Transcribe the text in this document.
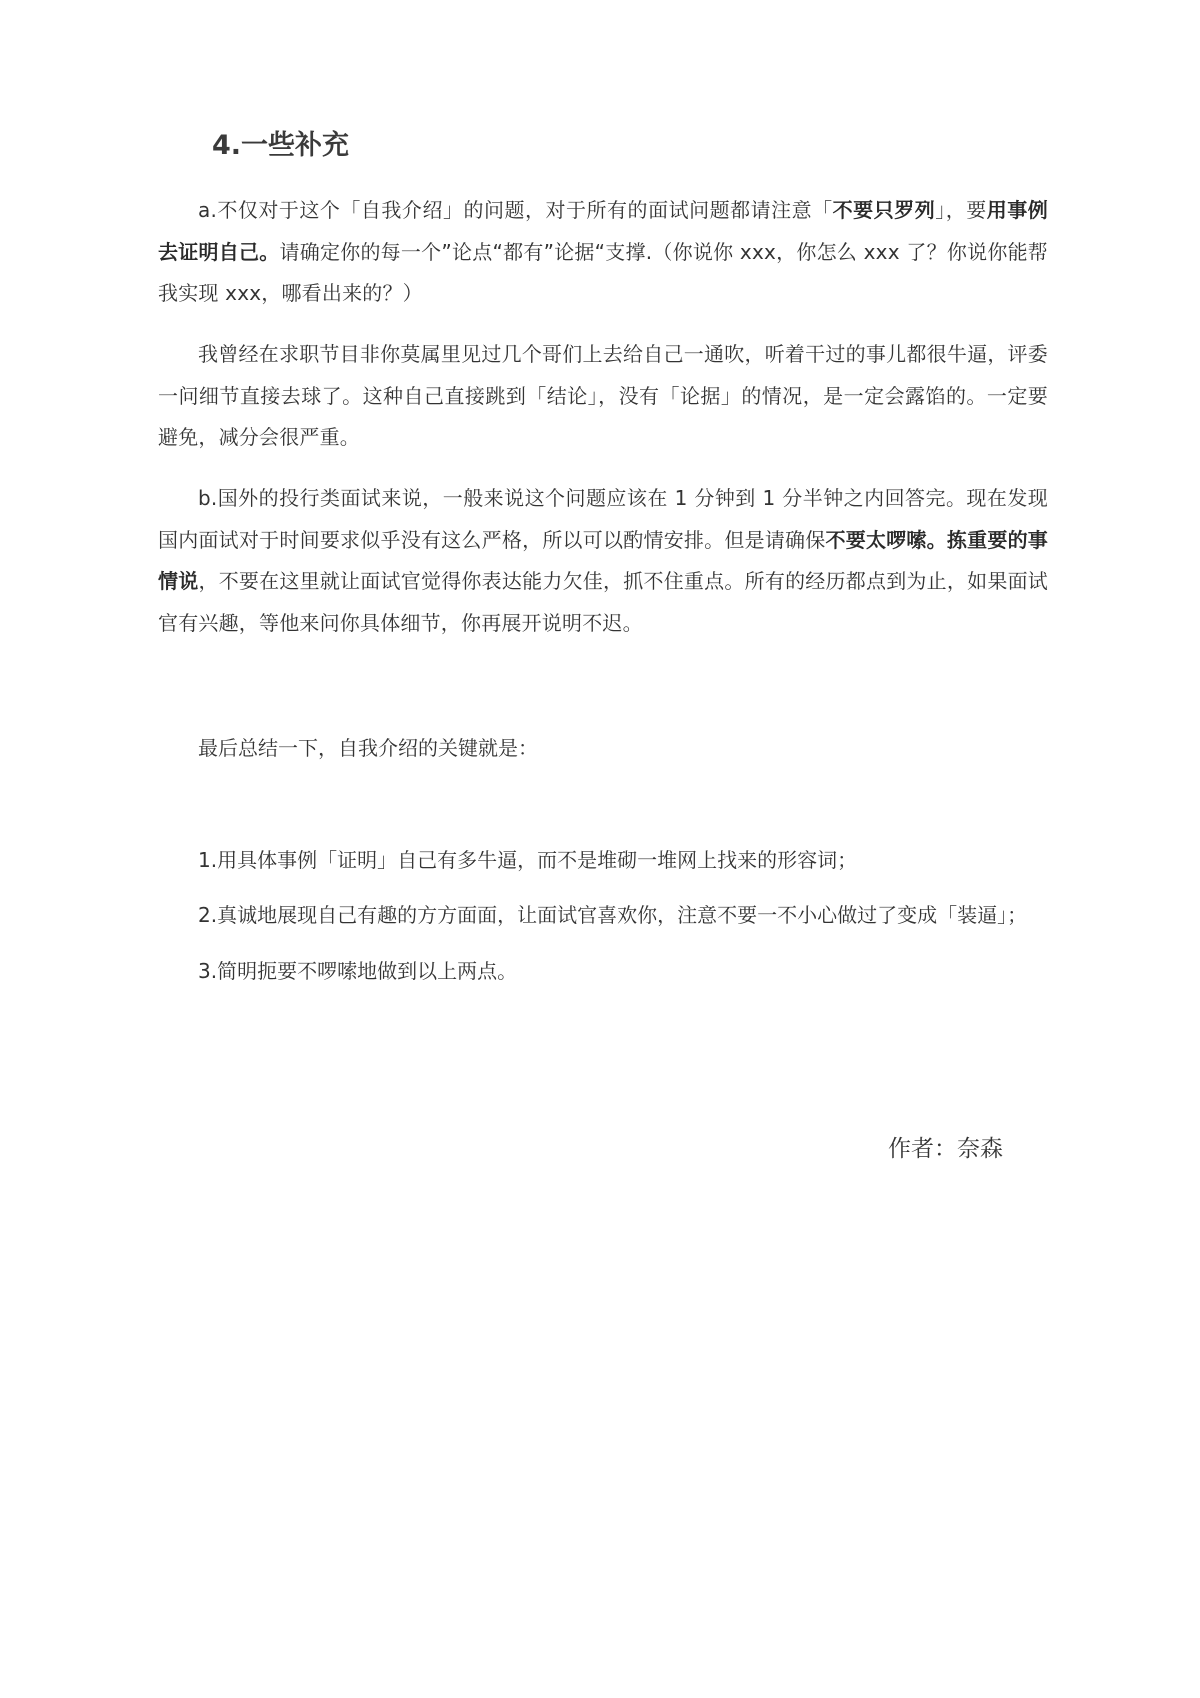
4.一些补充

a.不仅对于这个「自我介绍」的问题，对于所有的面试问题都请注意「不要只罗列」，要用事例去证明自己。请确定你的每一个”论点“都有”论据“支撑.（你说你 xxx，你怎么 xxx 了？你说你能帮我实现 xxx，哪看出来的？）

我曾经在求职节目非你莫属里见过几个哥们上去给自己一通吹，听着干过的事儿都很牛逼，评委一问细节直接去球了。这种自己直接跳到「结论」，没有「论据」的情况，是一定会露馅的。一定要避免，减分会很严重。

b.国外的投行类面试来说，一般来说这个问题应该在 1 分钟到 1 分半钟之内回答完。现在发现国内面试对于时间要求似乎没有这么严格，所以可以酌情安排。但是请确保不要太啰嗦。拣重要的事情说，不要在这里就让面试官觉得你表达能力欠佳，抓不住重点。所有的经历都点到为止，如果面试官有兴趣，等他来问你具体细节，你再展开说明不迟。

最后总结一下，自我介绍的关键就是：

1.用具体事例「证明」自己有多牛逼，而不是堆砌一堆网上找来的形容词；

2.真诚地展现自己有趣的方方面面，让面试官喜欢你，注意不要一不小心做过了变成「装逼」；

3.简明扼要不啰嗦地做到以上两点。

作者：奈森
